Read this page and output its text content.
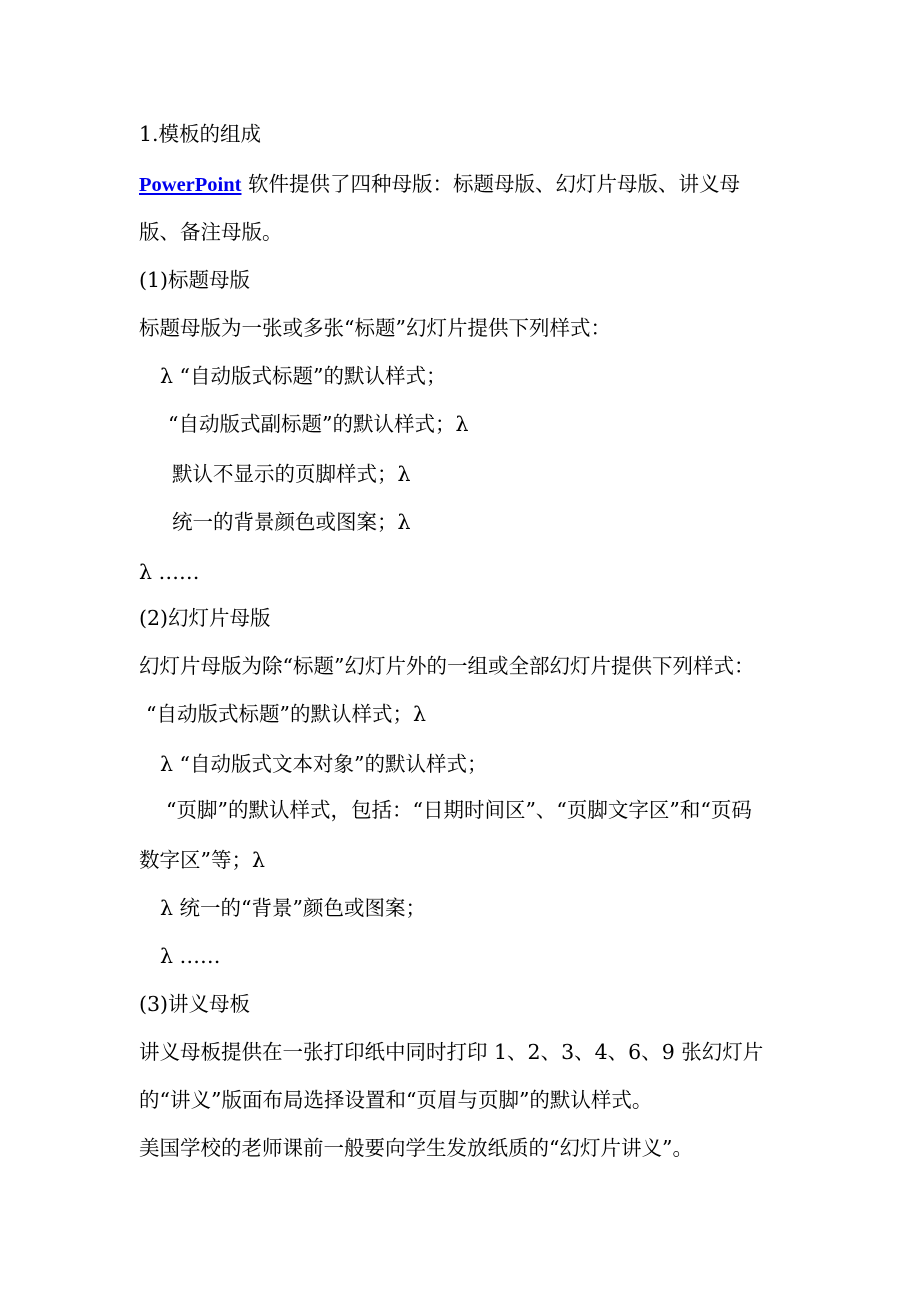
1.模板的组成
PowerPoint 软件提供了四种母版：标题母版、幻灯片母版、讲义母
版、备注母版。
(1)标题母版
标题母版为一张或多张“标题”幻灯片提供下列样式：
λ “自动版式标题”的默认样式；
“自动版式副标题”的默认样式；λ
默认不显示的页脚样式；λ
统一的背景颜色或图案；λ
λ ……
(2)幻灯片母版
幻灯片母版为除“标题”幻灯片外的一组或全部幻灯片提供下列样式：
“自动版式标题”的默认样式；λ
λ “自动版式文本对象”的默认样式；
“页脚”的默认样式，包括：“日期时间区”、“页脚文字区”和“页码
数字区”等；λ
λ 统一的“背景”颜色或图案；
λ ……
(3)讲义母板
讲义母板提供在一张打印纸中同时打印 1、2、3、4、6、9 张幻灯片
的“讲义”版面布局选择设置和“页眉与页脚”的默认样式。
美国学校的老师课前一般要向学生发放纸质的“幻灯片讲义”。
